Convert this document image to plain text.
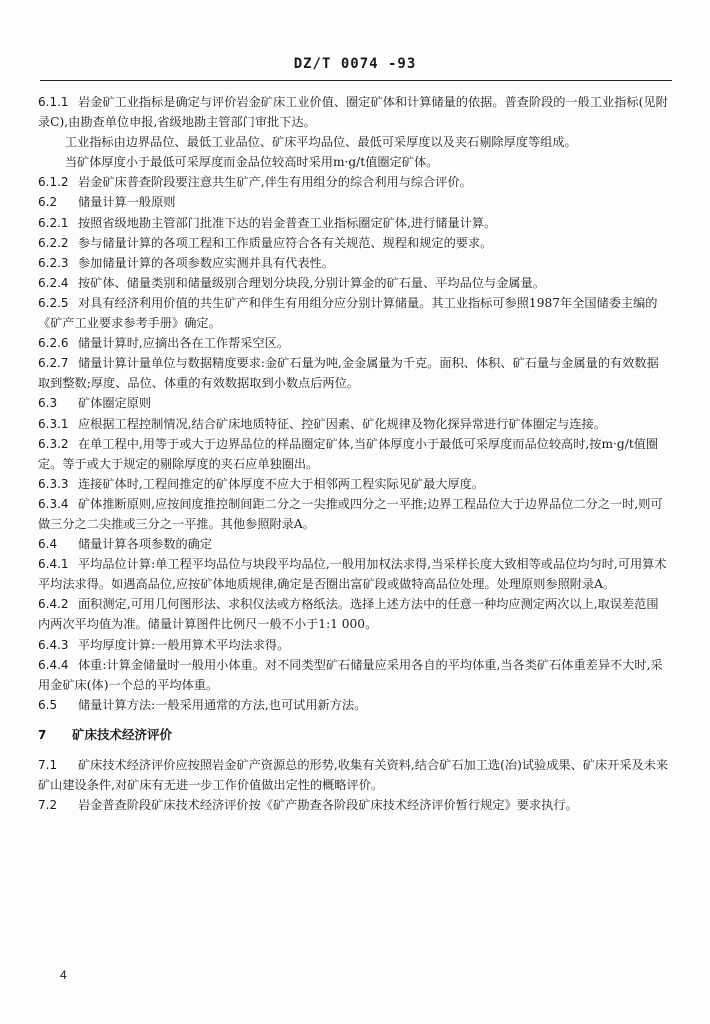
DZ/T 0074 -93

6.1.1 岩金矿工业指标是确定与评价岩金矿床工业价值、圈定矿体和计算储量的依据。普查阶段的一般工业指标(见附录C),由勘查单位申报,省级地勘主管部门审批下达。

工业指标由边界品位、最低工业品位、矿床平均品位、最低可采厚度以及夹石剔除厚度等组成。

当矿体厚度小于最低可采厚度而金品位较高时采用m·g/t值圈定矿体。

6.1.2 岩金矿床普查阶段要注意共生矿产,伴生有用组分的综合利用与综合评价。

6.2 储量计算一般原则

6.2.1 按照省级地勘主管部门批准下达的岩金普查工业指标圈定矿体,进行储量计算。

6.2.2 参与储量计算的各项工程和工作质量应符合各有关规范、规程和规定的要求。

6.2.3 参加储量计算的各项参数应实测并具有代表性。

6.2.4 按矿体、储量类别和储量级别合理划分块段,分别计算金的矿石量、平均品位与金属量。

6.2.5 对具有经济利用价值的共生矿产和伴生有用组分应分别计算储量。其工业指标可参照1987年全国储委主编的《矿产工业要求参考手册》确定。

6.2.6 储量计算时,应摘出各在工作帮采空区。

6.2.7 储量计算计量单位与数据精度要求:金矿石量为吨,金金属量为千克。面积、体积、矿石量与金属量的有效数据取到整数;厚度、品位、体重的有效数据取到小数点后两位。

6.3 矿体圈定原则

6.3.1 应根据工程控制情况,结合矿床地质特征、控矿因素、矿化规律及物化探异常进行矿体圈定与连接。

6.3.2 在单工程中,用等于或大于边界品位的样品圈定矿体,当矿体厚度小于最低可采厚度而品位较高时,按m·g/t值圈定。等于或大于规定的剔除厚度的夹石应单独圈出。

6.3.3 连接矿体时,工程间推定的矿体厚度不应大于相邻两工程实际见矿最大厚度。

6.3.4 矿体推断原则,应按间度推控制间距二分之一尖推或四分之一平推;边界工程品位大于边界品位二分之一时,则可做三分之二尖推或三分之一平推。其他参照附录A。

6.4 储量计算各项参数的确定

6.4.1 平均品位计算:单工程平均品位与块段平均品位,一般用加权法求得,当采样长度大致相等或品位均匀时,可用算术平均法求得。如遇高品位,应按矿体地质规律,确定是否圈出富矿段或做特高品位处理。处理原则参照附录A。

6.4.2 面积测定,可用几何图形法、求积仪法或方格纸法。选择上述方法中的任意一种均应测定两次以上,取误差范围内两次平均值为准。储量计算图件比例尺一般不小于1:1 000。

6.4.3 平均厚度计算:一般用算术平均法求得。

6.4.4 体重:计算金储量时一般用小体重。对不同类型矿石储量应采用各自的平均体重,当各类矿石体重差异不大时,采用金矿床(体)一个总的平均体重。

6.5 储量计算方法:一般采用通常的方法,也可试用新方法。

7 矿床技术经济评价

7.1 矿床技术经济评价应按照岩金矿产资源总的形势,收集有关资料,结合矿石加工选(冶)试验成果、矿床开采及未来矿山建设条件,对矿床有无进一步工作价值做出定性的概略评价。

7.2 岩金普查阶段矿床技术经济评价按《矿产勘查各阶段矿床技术经济评价暂行规定》要求执行。

4
